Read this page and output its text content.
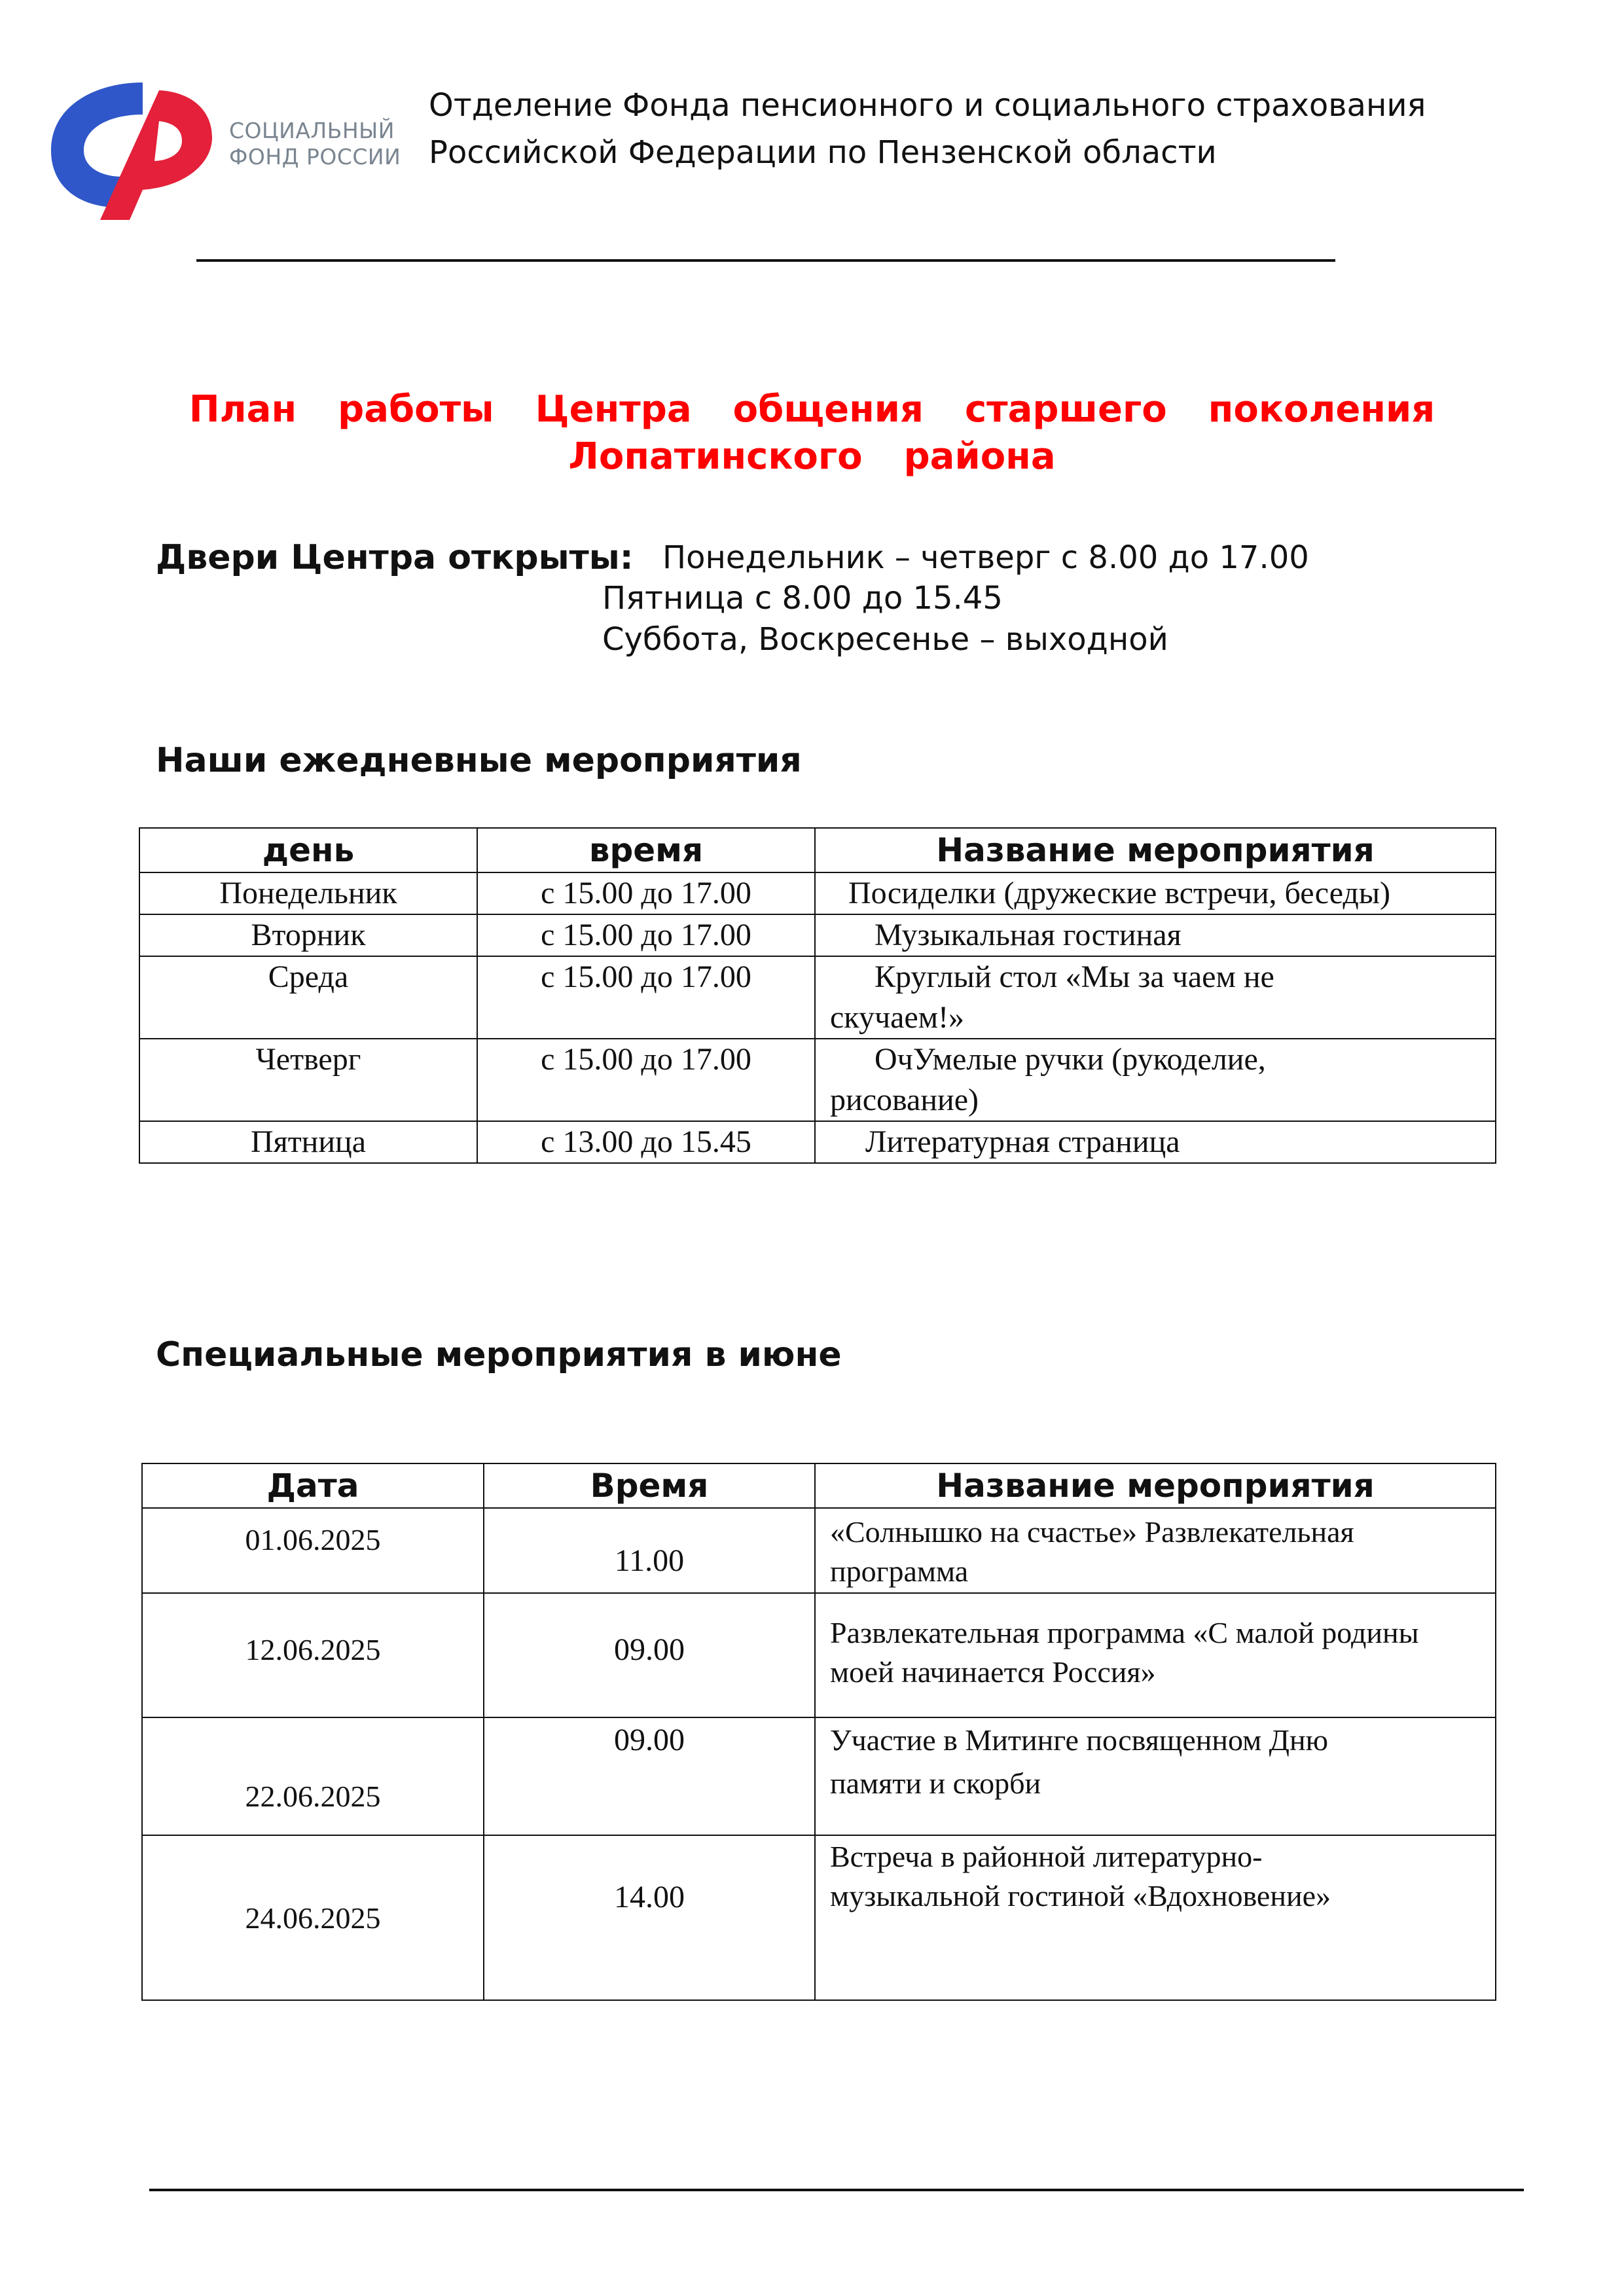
СОЦИАЛЬНЫЙ
ФОНД РОССИИ
Отделение Фонда пенсионного и социального страхования
Российской Федерации по Пензенской области
План  работы  Центра  общения  старшего  поколения
Лопатинского  района
Двери Центра открыты: Понедельник – четверг с 8.00 до 17.00
Пятница с 8.00 до 15.45
Суббота, Воскресенье – выходной
Наши ежедневные мероприятия
день	время	Название мероприятия
Понедельник	с 15.00 до 17.00	Посиделки (дружеские встречи, беседы)
Вторник	с 15.00 до 17.00	Музыкальная гостиная
Среда	с 15.00 до 17.00	Круглый стол «Мы за чаем не
скучаем!»

Четверг	с 15.00 до 17.00	ОчУмелые ручки (рукоделие,
рисование)

Пятница	с 13.00 до 15.45	Литературная страница
Специальные мероприятия в июне
Дата	Время	Название мероприятия

01.06.2025	11.00	«Солнышко на счастье» Развлекательная
программа

12.06.2025	09.00	Развлекательная программа «С малой родины
моей начинается Россия»

22.06.2025	09.00	Участие в Митинге посвященном Дню
памяти и скорби

24.06.2025	14.00	Встреча в районной литературно-
музыкальной гостиной «Вдохновение»
